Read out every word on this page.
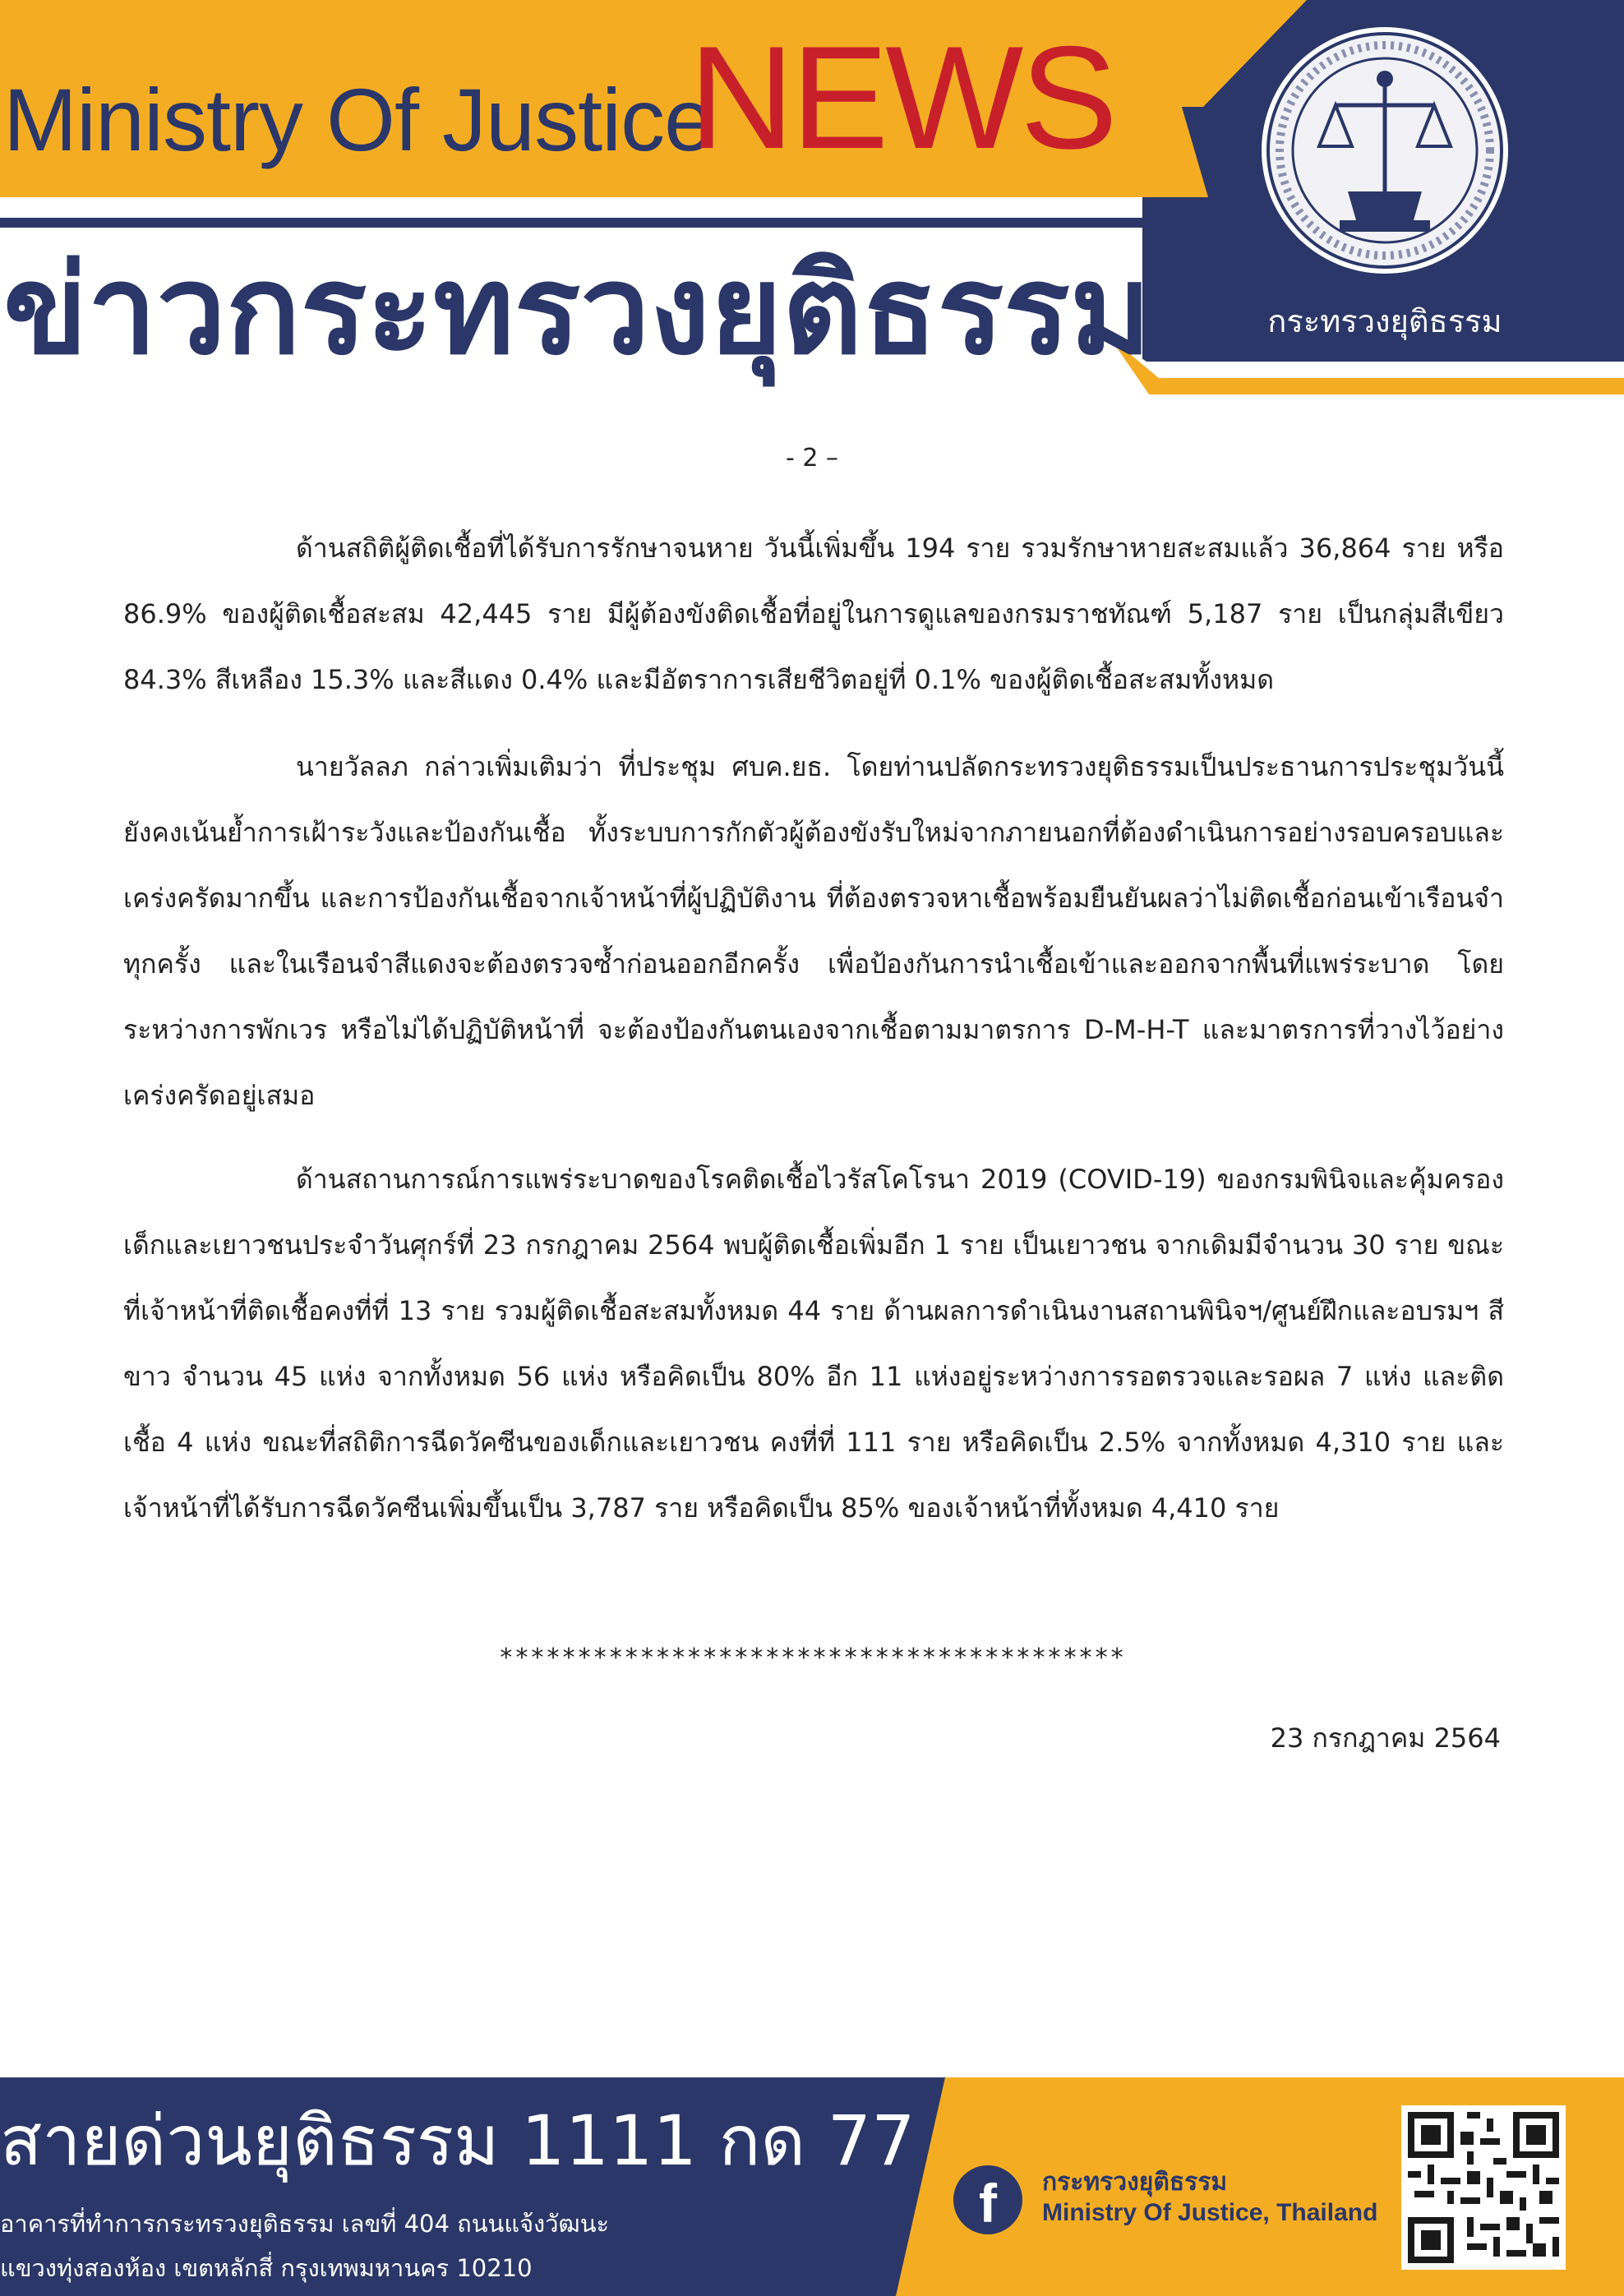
Ministry Of Justice
NEWS
ข่าวกระทรวงยุติธรรม	กระทรวงยุติธรรม
- 2 –

ด้านสถิติผู้ติดเชื้อที่ได้รับการรักษาจนหาย วันนี้เพิ่มขึ้น 194 ราย รวมรักษาหายสะสมแล้ว 36,864 ราย หรือ 86.9% ของผู้ติดเชื้อสะสม 42,445 ราย มีผู้ต้องขังติดเชื้อที่อยู่ในการดูแลของกรมราชทัณฑ์ 5,187 ราย เป็นกลุ่มสีเขียว 84.3% สีเหลือง 15.3% และสีแดง 0.4% และมีอัตราการเสียชีวิตอยู่ที่ 0.1% ของผู้ติดเชื้อสะสมทั้งหมด

นายวัลลภ กล่าวเพิ่มเติมว่า ที่ประชุม ศบค.ยธ. โดยท่านปลัดกระทรวงยุติธรรมเป็นประธานการประชุมวันนี้ ยังคงเน้นย้ำการเฝ้าระวังและป้องกันเชื้อ ทั้งระบบการกักตัวผู้ต้องขังรับใหม่จากภายนอกที่ต้องดำเนินการอย่างรอบครอบและเคร่งครัดมากขึ้น และการป้องกันเชื้อจากเจ้าหน้าที่ผู้ปฏิบัติงาน ที่ต้องตรวจหาเชื้อพร้อมยืนยันผลว่าไม่ติดเชื้อก่อนเข้าเรือนจำทุกครั้ง และในเรือนจำสีแดงจะต้องตรวจซ้ำก่อนออกอีกครั้ง เพื่อป้องกันการนำเชื้อเข้าและออกจากพื้นที่แพร่ระบาด โดยระหว่างการพักเวร หรือไม่ได้ปฏิบัติหน้าที่ จะต้องป้องกันตนเองจากเชื้อตามมาตรการ D-M-H-T และมาตรการที่วางไว้อย่างเคร่งครัดอยู่เสมอ

ด้านสถานการณ์การแพร่ระบาดของโรคติดเชื้อไวรัสโคโรนา 2019 (COVID-19) ของกรมพินิจและคุ้มครองเด็กและเยาวชนประจำวันศุกร์ที่ 23 กรกฎาคม 2564 พบผู้ติดเชื้อเพิ่มอีก 1 ราย เป็นเยาวชน จากเดิมมีจำนวน 30 ราย ขณะที่เจ้าหน้าที่ติดเชื้อคงที่ที่ 13 ราย รวมผู้ติดเชื้อสะสมทั้งหมด 44 ราย ด้านผลการดำเนินงานสถานพินิจฯ/ศูนย์ฝึกและอบรมฯ สีขาว จำนวน 45 แห่ง จากทั้งหมด 56 แห่ง หรือคิดเป็น 80% อีก 11 แห่งอยู่ระหว่างการรอตรวจและรอผล 7 แห่ง และติดเชื้อ 4 แห่ง ขณะที่สถิติการฉีดวัคซีนของเด็กและเยาวชน คงที่ที่ 111 ราย หรือคิดเป็น 2.5% จากทั้งหมด 4,310 ราย และเจ้าหน้าที่ได้รับการฉีดวัคซีนเพิ่มขึ้นเป็น 3,787 ราย หรือคิดเป็น 85% ของเจ้าหน้าที่ทั้งหมด 4,410 ราย

****************************************
23 กรกฎาคม 2564
สายด่วนยุติธรรม 1111 กด 77
อาคารที่ทำการกระทรวงยุติธรรม เลขที่ 404 ถนนแจ้งวัฒนะ
แขวงทุ่งสองห้อง เขตหลักสี่ กรุงเทพมหานคร 10210
f	กระทรวงยุติธรรม
Ministry Of Justice, Thailand
